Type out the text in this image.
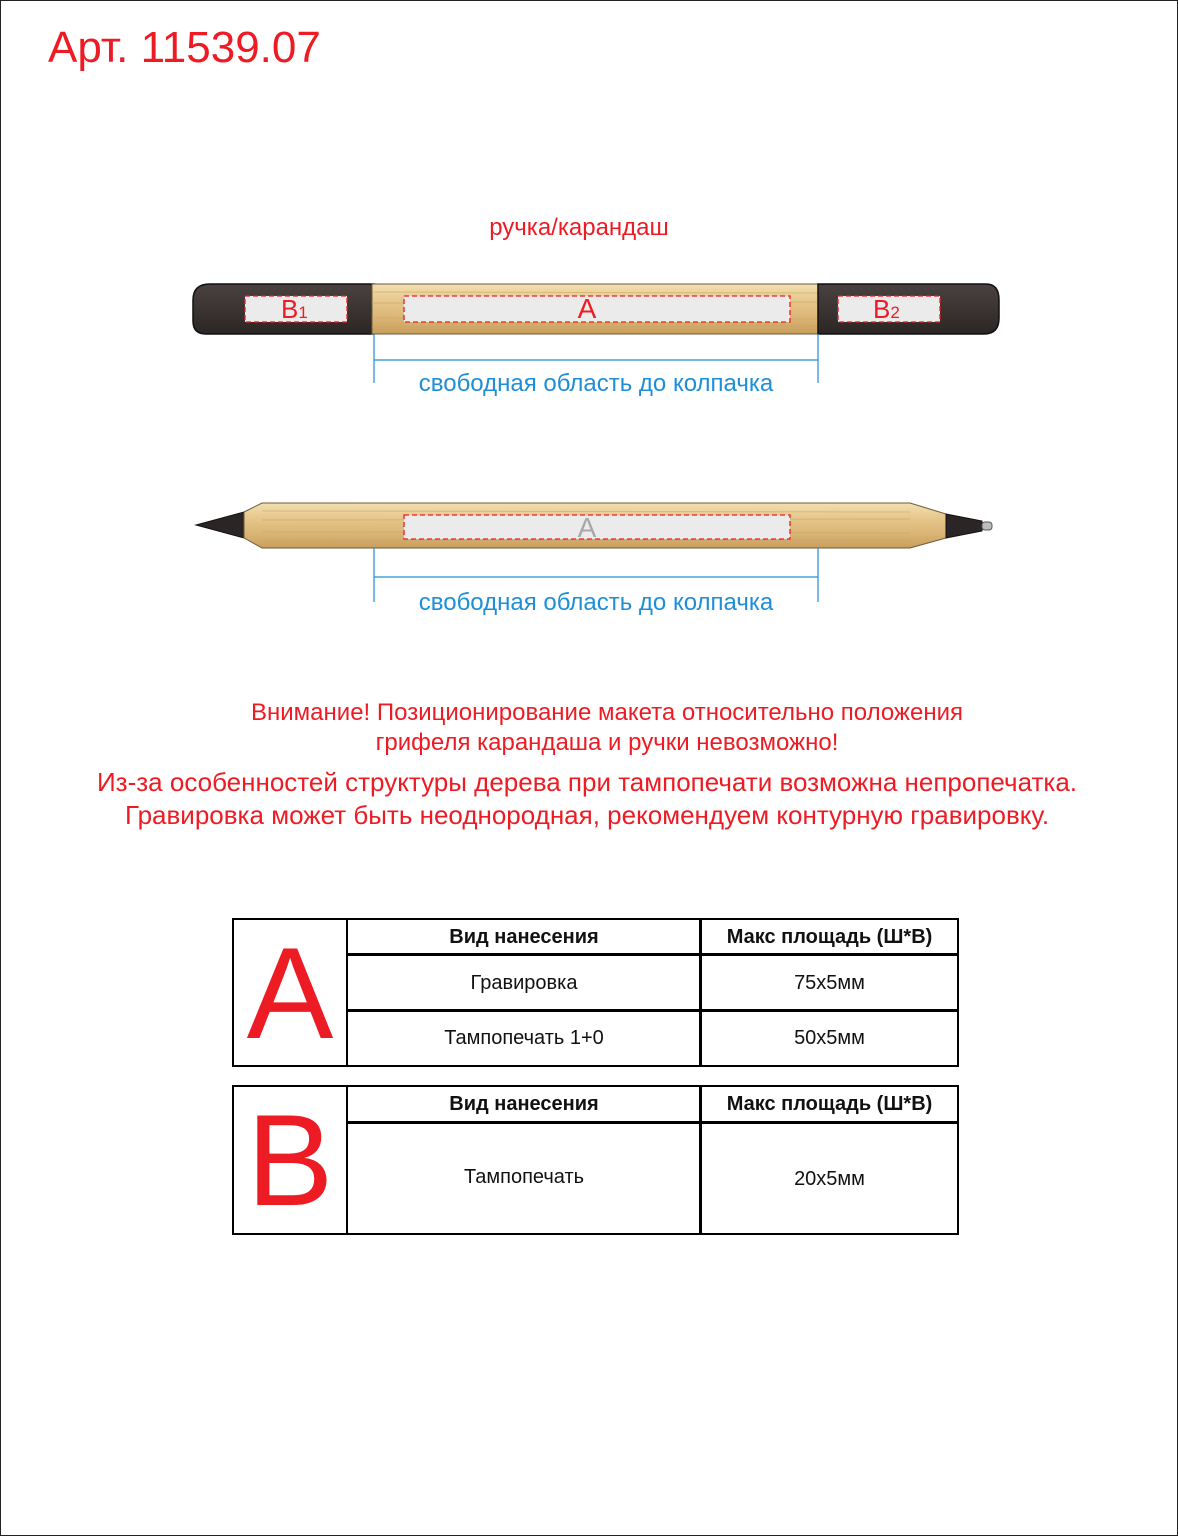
Арт. 11539.07
ручка/карандаш
B1	A	B2
A
свободная область до колпачка
свободная область до колпачка
Внимание! Позиционирование макета относительно положения
грифеля карандаша и ручки невозможно!
Из-за особенностей структуры дерева при тампопечати возможна непропечатка.
Гравировка может быть неоднородная, рекомендуем контурную гравировку.
A	Вид нанесения	Макс площадь (Ш*В)
Гравировка	75x5мм
Тампопечать 1+0	50x5мм
B	Вид нанесения	Макс площадь (Ш*В)
Тампопечать	20x5мм
